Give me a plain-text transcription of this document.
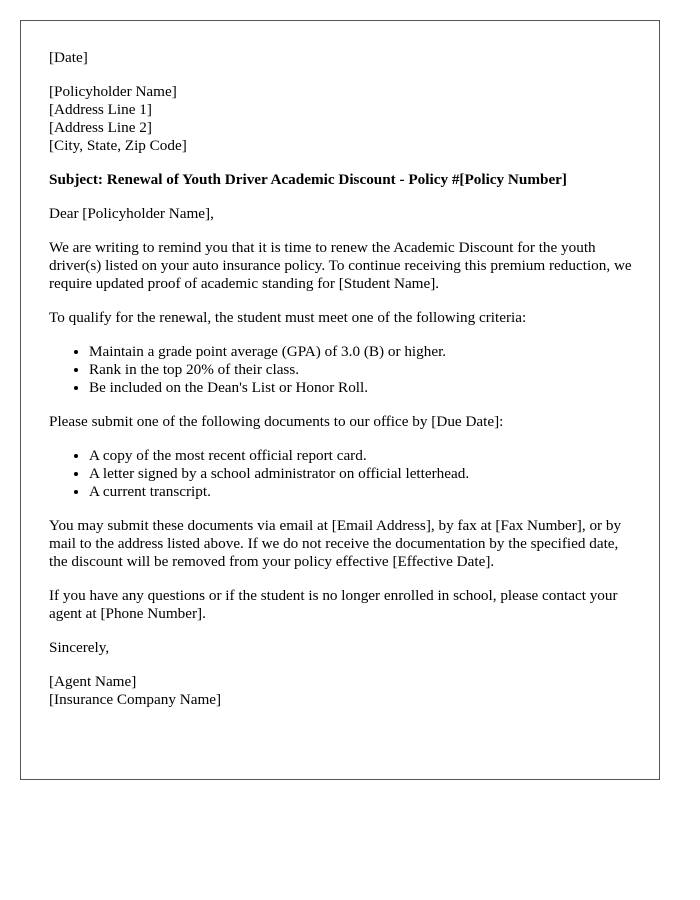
[Date]

[Policyholder Name]
[Address Line 1]
[Address Line 2]
[City, State, Zip Code]

Subject: Renewal of Youth Driver Academic Discount - Policy #[Policy Number]

Dear [Policyholder Name],

We are writing to remind you that it is time to renew the Academic Discount for the youth driver(s) listed on your auto insurance policy. To continue receiving this premium reduction, we require updated proof of academic standing for [Student Name].

To qualify for the renewal, the student must meet one of the following criteria:

• Maintain a grade point average (GPA) of 3.0 (B) or higher.
• Rank in the top 20% of their class.
• Be included on the Dean's List or Honor Roll.

Please submit one of the following documents to our office by [Due Date]:

• A copy of the most recent official report card.
• A letter signed by a school administrator on official letterhead.
• A current transcript.

You may submit these documents via email at [Email Address], by fax at [Fax Number], or by mail to the address listed above. If we do not receive the documentation by the specified date, the discount will be removed from your policy effective [Effective Date].

If you have any questions or if the student is no longer enrolled in school, please contact your agent at [Phone Number].

Sincerely,

[Agent Name]
[Insurance Company Name]
